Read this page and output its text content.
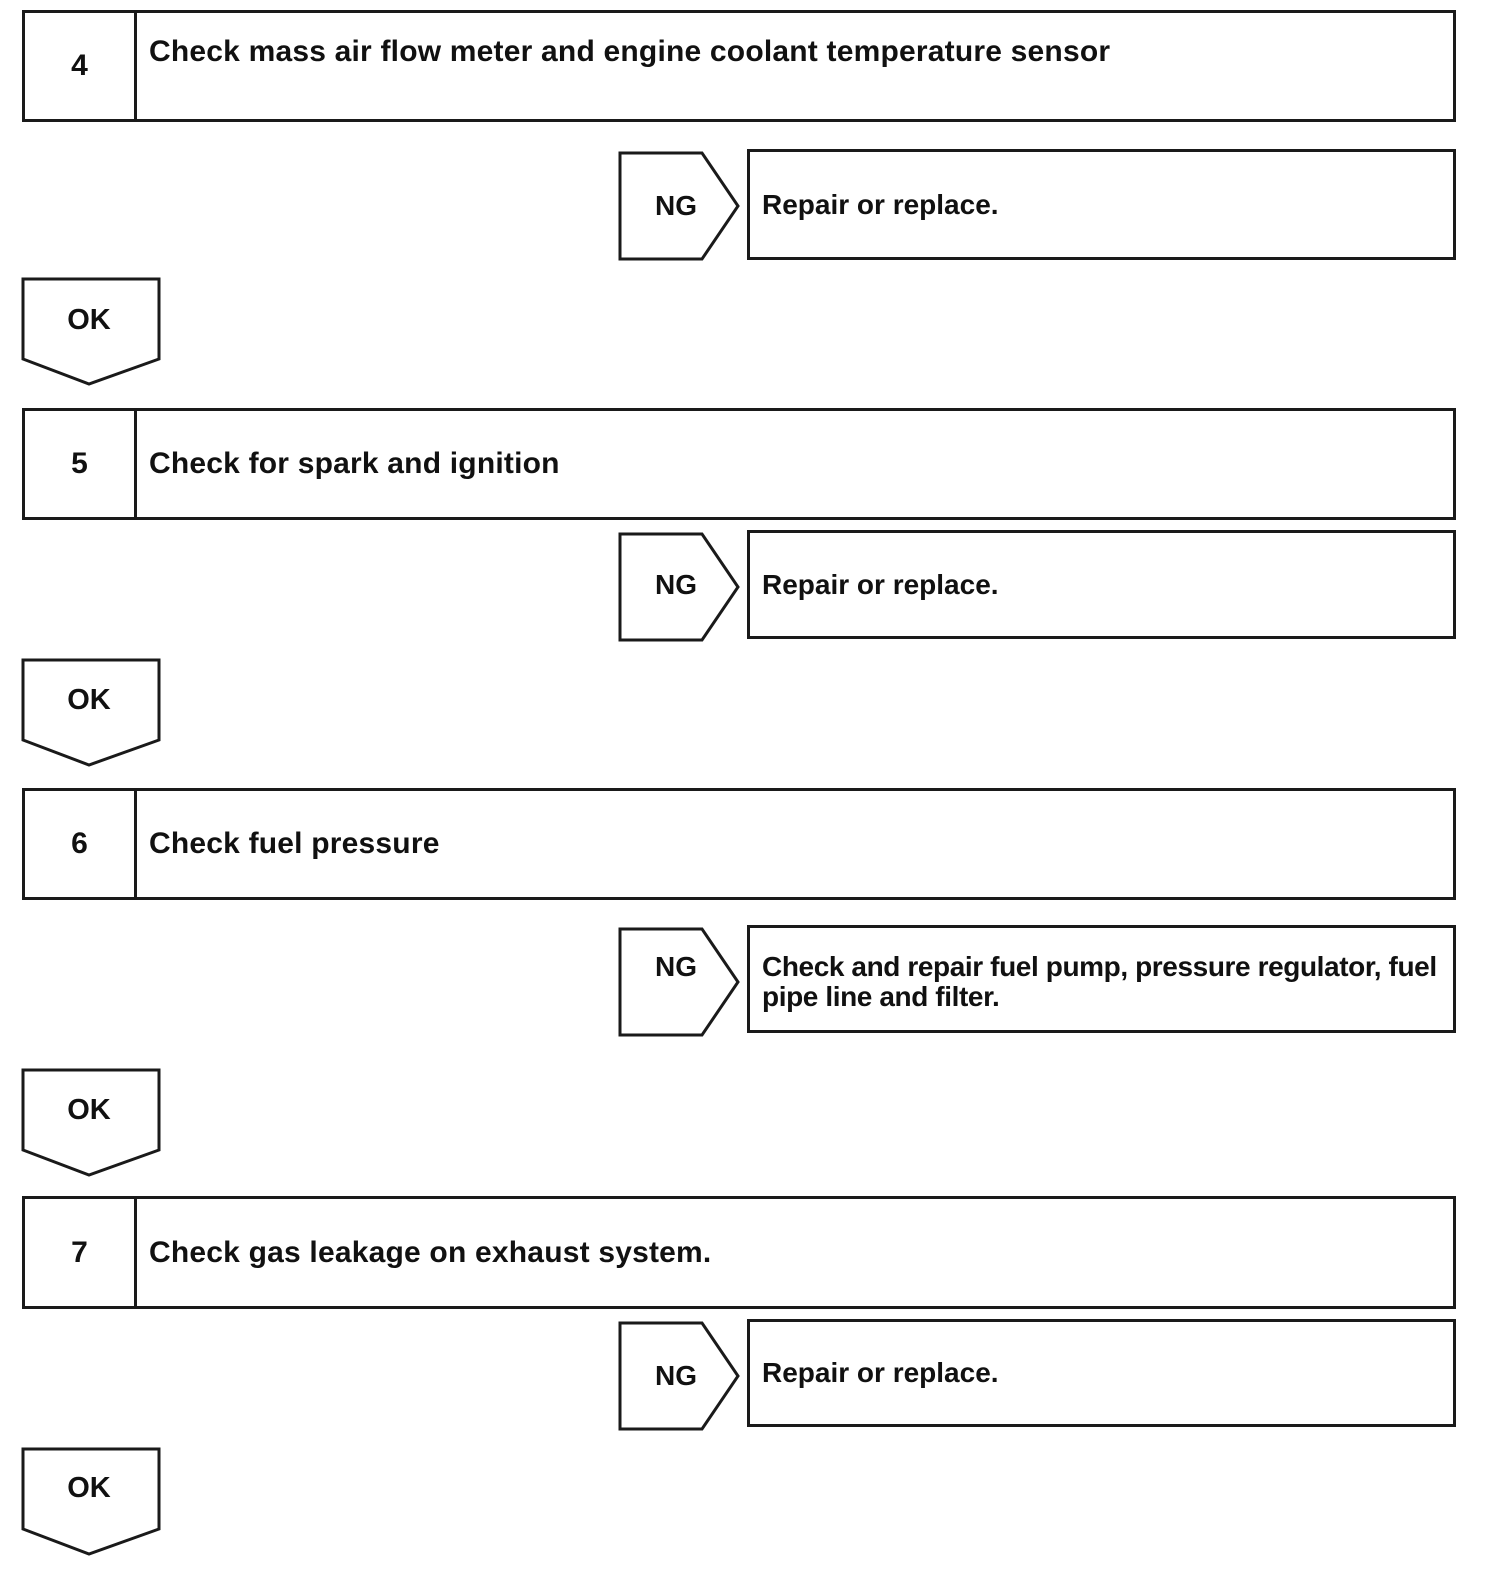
4	Check mass air flow meter and engine coolant temperature sensor
NG	Repair or replace.
OK
5	Check for spark and ignition
NG	Repair or replace.
OK
6	Check fuel pressure
NG	Check and repair fuel pump, pressure regulator, fuel pipe line and filter.
OK
7	Check gas leakage on exhaust system.
NG	Repair or replace.
OK
